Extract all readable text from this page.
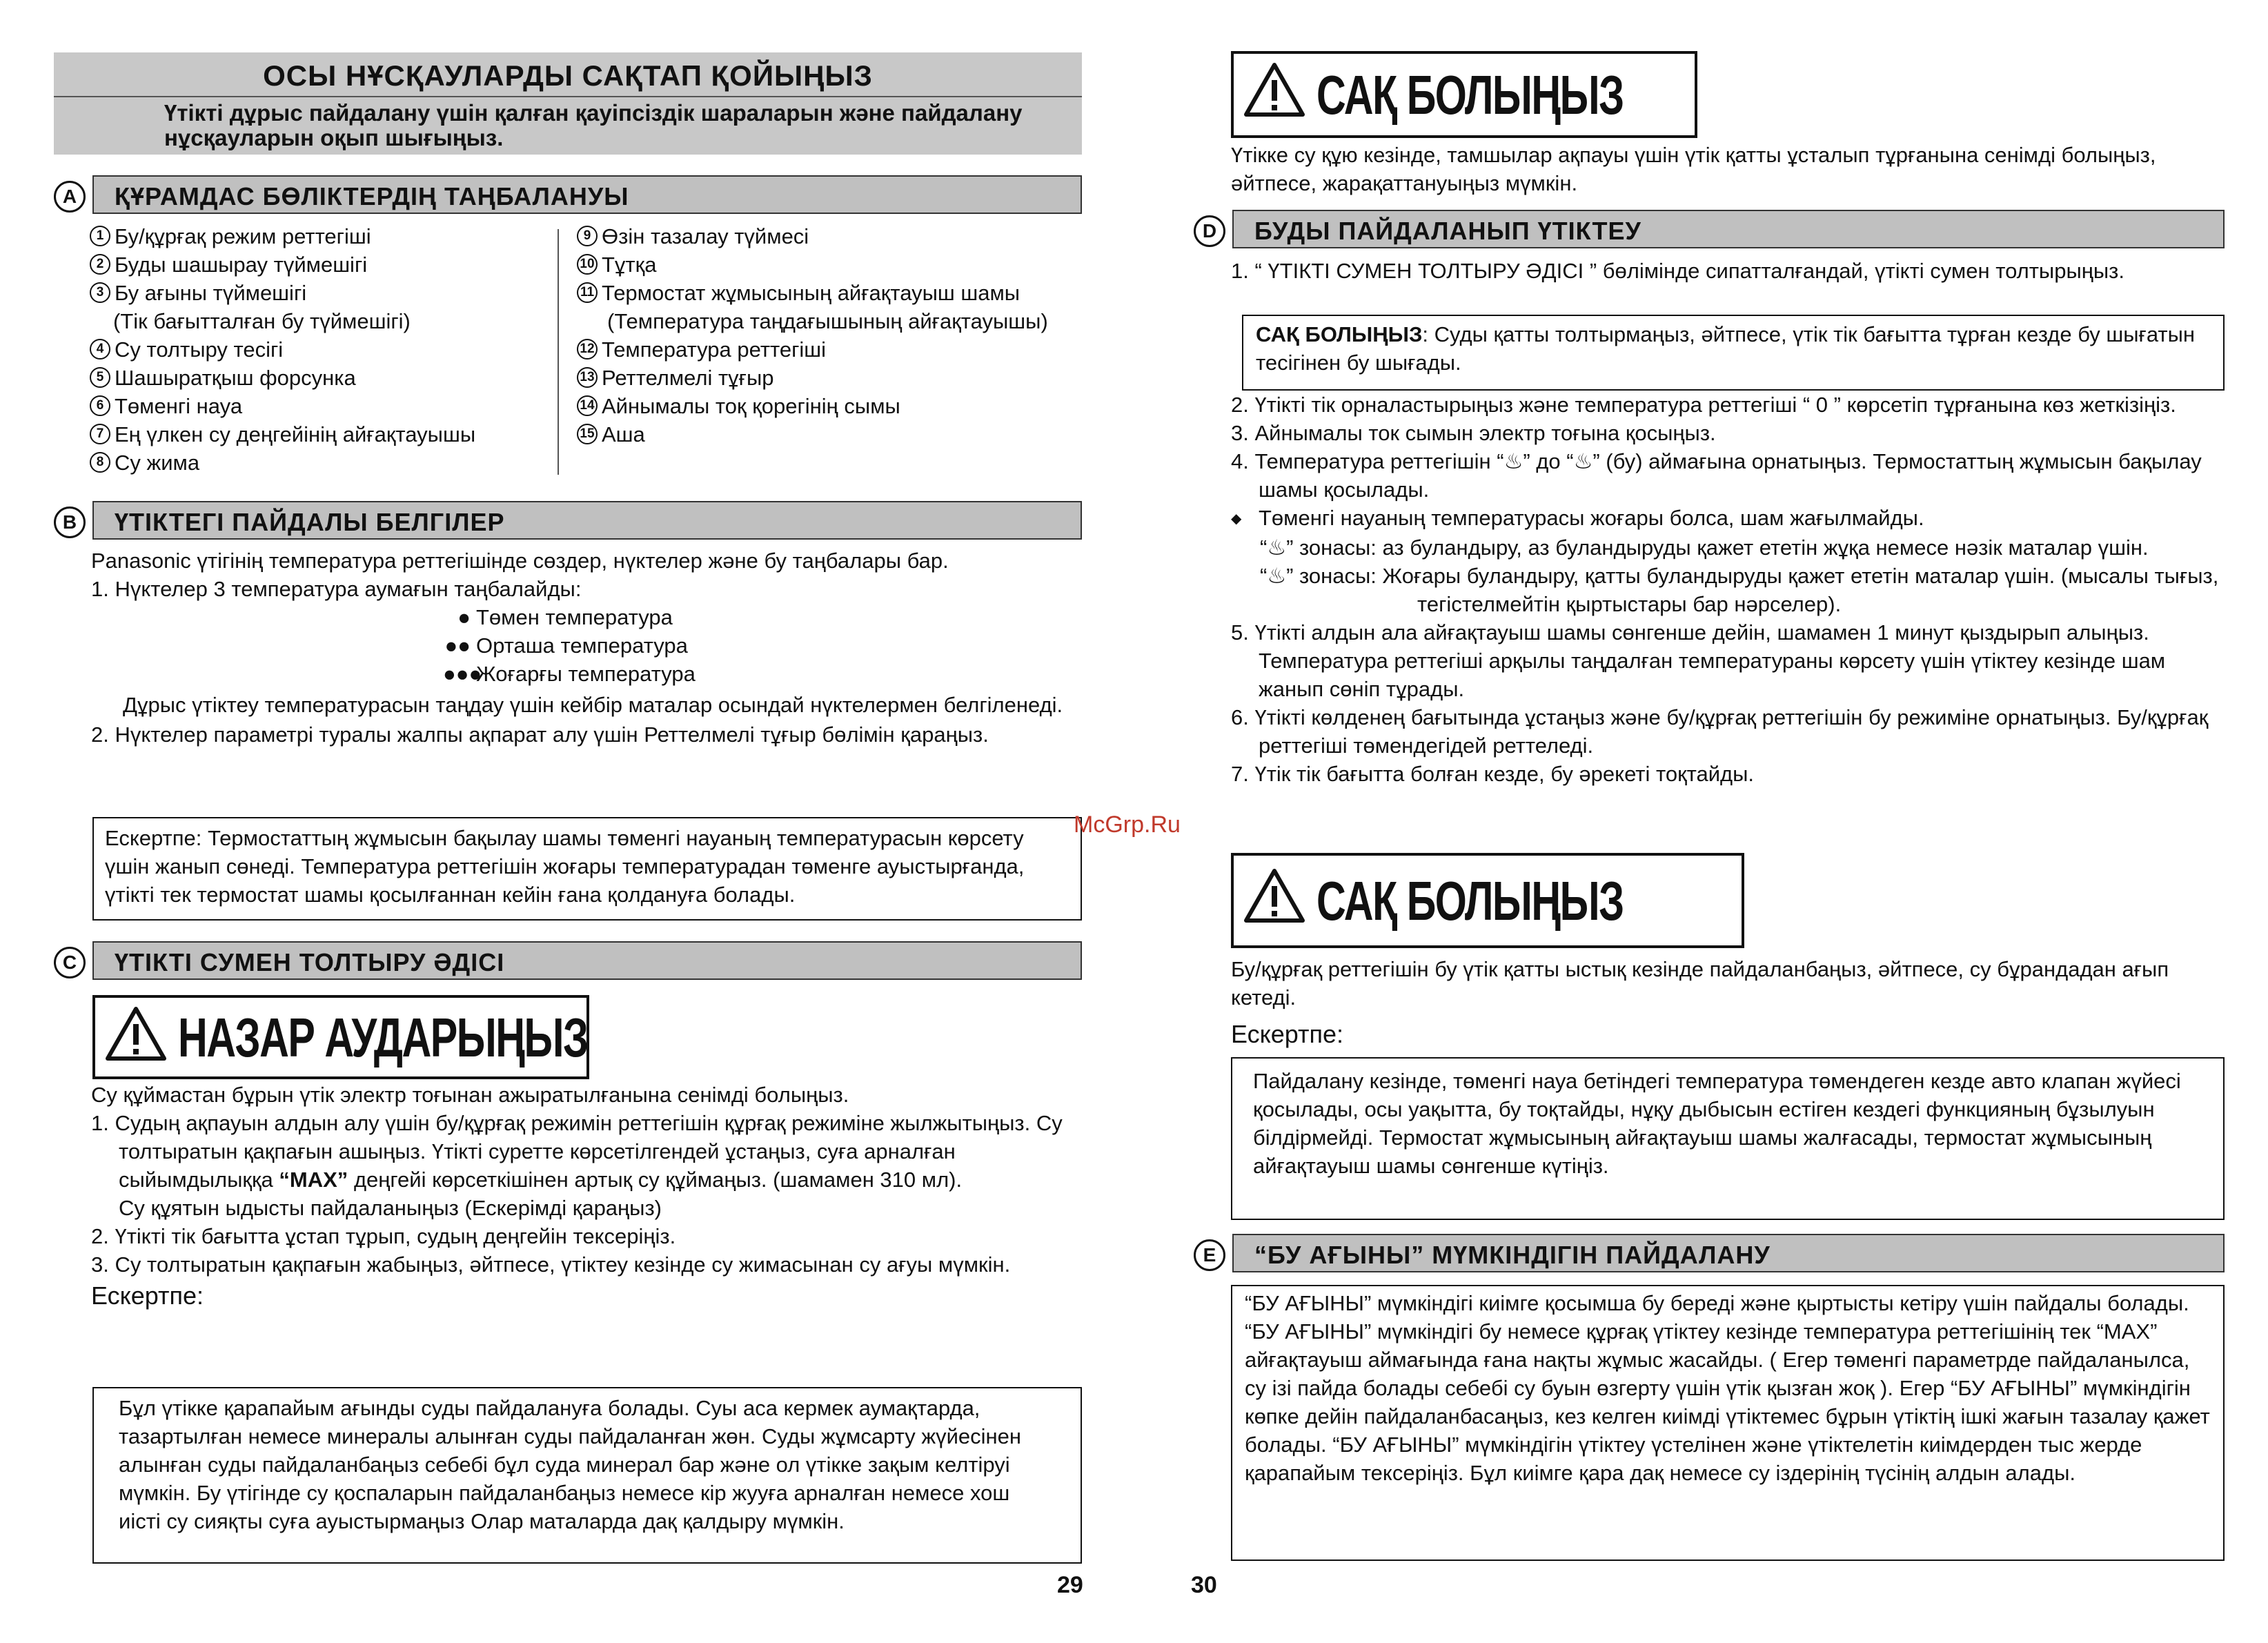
ОСЫ НҰСҚАУЛАРДЫ САҚТАП ҚОЙЫҢЫЗ
Үтікті дұрыс пайдалану үшін қалған қауіпсіздік шараларын және пайдалану нұсқауларын оқып шығыңыз.
A	ҚҰРАМДАС БӨЛІКТЕРДІҢ ТАҢБАЛАНУЫ
1 Бу/құрғақ режим реттегіші
2 Буды шашырау түймешігі
3 Бу ағыны түймешігі
(Тік бағытталған бу түймешігі)
4 Су толтыру тесігі
5 Шашыратқыш форсунка
6 Төменгі науа
7 Ең үлкен су деңгейінің айғақтауышы
8 Су жима
9 Өзін тазалау түймесі
10 Тұтқа
11 Термостат жұмысының айғақтауыш шамы
(Температура таңдағышының айғақтауышы)
12 Температура реттегіші
13 Реттелмелі тұғыр
14 Айнымалы тоқ қорегінің сымы
15 Аша
B	ҮТІКТЕГІ ПАЙДАЛЫ БЕЛГІЛЕР
Panasonic үтігінің температура реттегішінде сөздер, нүктелер және бу таңбалары бар.
1. Нүктелер 3 температура аумағын таңбалайды:
● Төмен температура
●● Орташа температура
●●●Жоғарғы температура
Дұрыс үтіктеу температурасын таңдау үшін кейбір маталар осындай нүктелермен белгіленеді.
2. Нүктелер параметрі туралы жалпы ақпарат алу үшін Реттелмелі тұғыр бөлімін қараңыз.
Ескертпе: Термостаттың жұмысын бақылау шамы төменгі науаның температурасын көрсету үшін жанып сөнеді. Температура реттегішін жоғары температурадан төменге ауыстырғанда, үтікті тек термостат шамы қосылғаннан кейін ғана қолдануға болады.
C	ҮТІКТІ СУМЕН ТОЛТЫРУ ӘДІСІ
НАЗАР АУДАРЫҢЫЗ
Су құймастан бұрын үтік электр тоғынан ажыратылғанына сенімді болыңыз.
1. Судың ақпауын алдын алу үшін бу/құрғақ режимін реттегішін құрғақ режиміне жылжытыңыз. Су толтыратын қақпағын ашыңыз. Үтікті суретте көрсетілгендей ұстаңыз, суға арналған сыйымдылыққа “MAX” деңгейі көрсеткішінен артық су құймаңыз. (шамамен 310 мл).
Су құятын ыдысты пайдаланыңыз (Ескерімді қараңыз)
2. Үтікті тік бағытта ұстап тұрып, судың деңгейін тексеріңіз.
3. Су толтыратын қақпағын жабыңыз, әйтпесе, үтіктеу кезінде су жимасынан су ағуы мүмкін.
Ескертпе:
Бұл үтікке қарапайым ағынды суды пайдалануға болады. Суы аса кермек аумақтарда, тазартылған немесе минералы алынған суды пайдаланған жөн. Суды жұмсарту жүйесінен алынған суды пайдаланбаңыз себебі бұл суда минерал бар және ол үтікке зақым келтіруі мүмкін. Бу үтігінде су қоспаларын пайдаланбаңыз немесе кір жууға арналған немесе хош иісті су сияқты суға ауыстырмаңыз Олар маталарда дақ қалдыру мүмкін.
29
McGrp.Ru
САҚ БОЛЫҢЫЗ
Үтікке су құю кезінде, тамшылар ақпауы үшін үтік қатты ұсталып тұрғанына сенімді болыңыз, әйтпесе, жарақаттануыңыз мүмкін.
D	БУДЫ ПАЙДАЛАНЫП ҮТІКТЕУ
1. “ ҮТІКТІ СУМЕН ТОЛТЫРУ ӘДІСІ ” бөлімінде сипатталғандай, үтікті сумен толтырыңыз.
САҚ БОЛЫҢЫЗ: Суды қатты толтырмаңыз, әйтпесе, үтік тік бағытта тұрған кезде бу шығатын тесігінен бу шығады.
2. Үтікті тік орналастырыңыз және температура реттегіші “ 0 ” көрсетіп тұрғанына көз жеткізіңіз.
3. Айнымалы ток сымын электр тоғына қосыңыз.
4. Температура реттегішін “♨” до “♨” (бу) аймағына орнатыңыз. Термостаттың жұмысын бақылау шамы қосылады.
◆ Төменгі науаның температурасы жоғары болса, шам жағылмайды.
“♨” зонасы: аз буландыру, аз буландыруды қажет ететін жұқа немесе нәзік маталар үшін.
“♨” зонасы: Жоғары буландыру, қатты буландыруды қажет ететін маталар үшін. (мысалы тығыз, тегістелмейтін қыртыстары бар нәрселер).
5. Үтікті алдын ала айғақтауыш шамы сөнгенше дейін, шамамен 1 минут қыздырып алыңыз. Температура реттегіші арқылы таңдалған температураны көрсету үшін үтіктеу кезінде шам жанып сөніп тұрады.
6. Үтікті көлденең бағытында ұстаңыз және бу/құрғақ реттегішін бу режиміне орнатыңыз. Бу/құрғақ реттегіші төмендегідей реттеледі.
7. Үтік тік бағытта болған кезде, бу әрекеті тоқтайды.
САҚ БОЛЫҢЫЗ
Бу/құрғақ реттегішін бу үтік қатты ыстық кезінде пайдаланбаңыз, әйтпесе, су бұрандадан ағып кетеді.
Ескертпе:
Пайдалану кезінде, төменгі науа бетіндегі температура төмендеген кезде авто клапан жүйесі қосылады, осы уақытта, бу тоқтайды, нұқу дыбысын естіген кездегі функцияның бұзылуын білдірмейді. Термостат жұмысының айғақтауыш шамы жалғасады, термостат жұмысының айғақтауыш шамы сөнгенше күтіңіз.
E	“БУ АҒЫНЫ” МҮМКІНДІГІН ПАЙДАЛАНУ
“БУ АҒЫНЫ” мүмкіндігі киімге қосымша бу береді және қыртысты кетіру үшін пайдалы болады. “БУ АҒЫНЫ” мүмкіндігі бу немесе құрғақ үтіктеу кезінде температура реттегішінің тек “MAX” айғақтауыш аймағында ғана нақты жұмыс жасайды. ( Егер төменгі параметрде пайдаланылса, су ізі пайда болады себебі су буын өзгерту үшін үтік қызған жоқ ). Егер “БУ АҒЫНЫ” мүмкіндігін көпке дейін пайдаланбасаңыз, кез келген киімді үтіктемес бұрын үтіктің ішкі жағын тазалау қажет болады. “БУ АҒЫНЫ” мүмкіндігін үтіктеу үстелінен және үтіктелетін киімдерден тыс жерде қарапайым тексеріңіз. Бұл киімге қара дақ немесе су іздерінің түсінің алдын алады.
30
